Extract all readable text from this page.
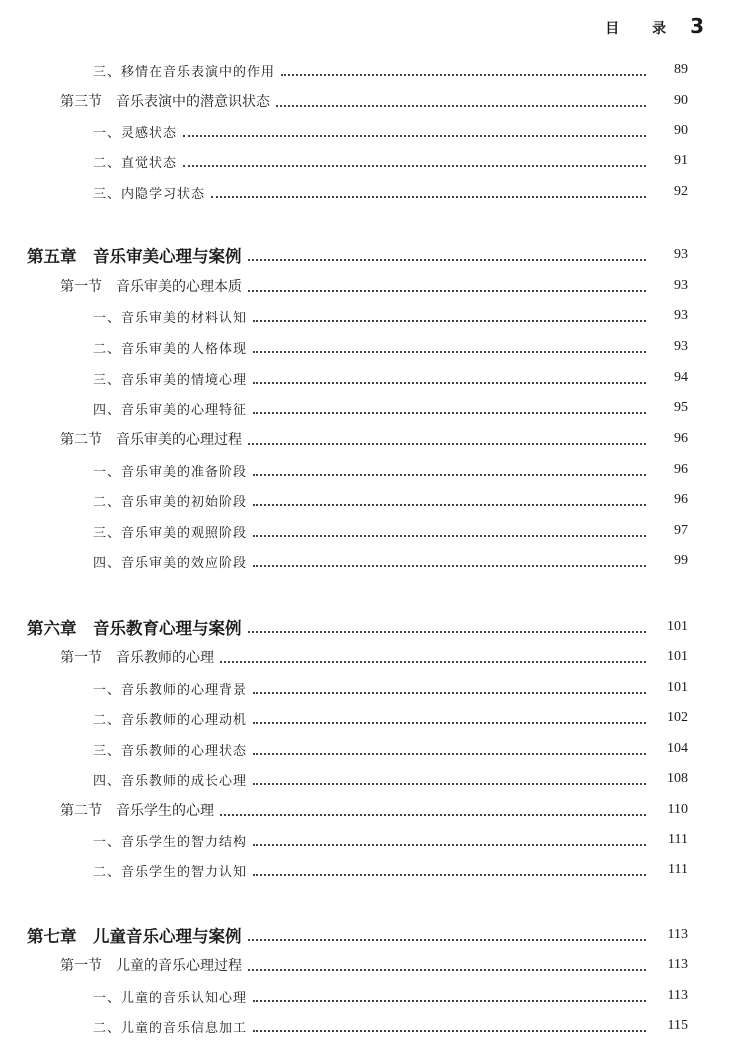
目 录 3
三、移情在音乐表演中的作用	89
第三节　音乐表演中的潜意识状态	90
一、灵感状态	90
二、直觉状态	91
三、内隐学习状态	92
第五章　音乐审美心理与案例	93
第一节　音乐审美的心理本质	93
一、音乐审美的材料认知	93
二、音乐审美的人格体现	93
三、音乐审美的情境心理	94
四、音乐审美的心理特征	95
第二节　音乐审美的心理过程	96
一、音乐审美的准备阶段	96
二、音乐审美的初始阶段	96
三、音乐审美的观照阶段	97
四、音乐审美的效应阶段	99
第六章　音乐教育心理与案例	101
第一节　音乐教师的心理	101
一、音乐教师的心理背景	101
二、音乐教师的心理动机	102
三、音乐教师的心理状态	104
四、音乐教师的成长心理	108
第二节　音乐学生的心理	110
一、音乐学生的智力结构	111
二、音乐学生的智力认知	111
第七章　儿童音乐心理与案例	113
第一节　儿童的音乐心理过程	113
一、儿童的音乐认知心理	113
二、儿童的音乐信息加工	115
